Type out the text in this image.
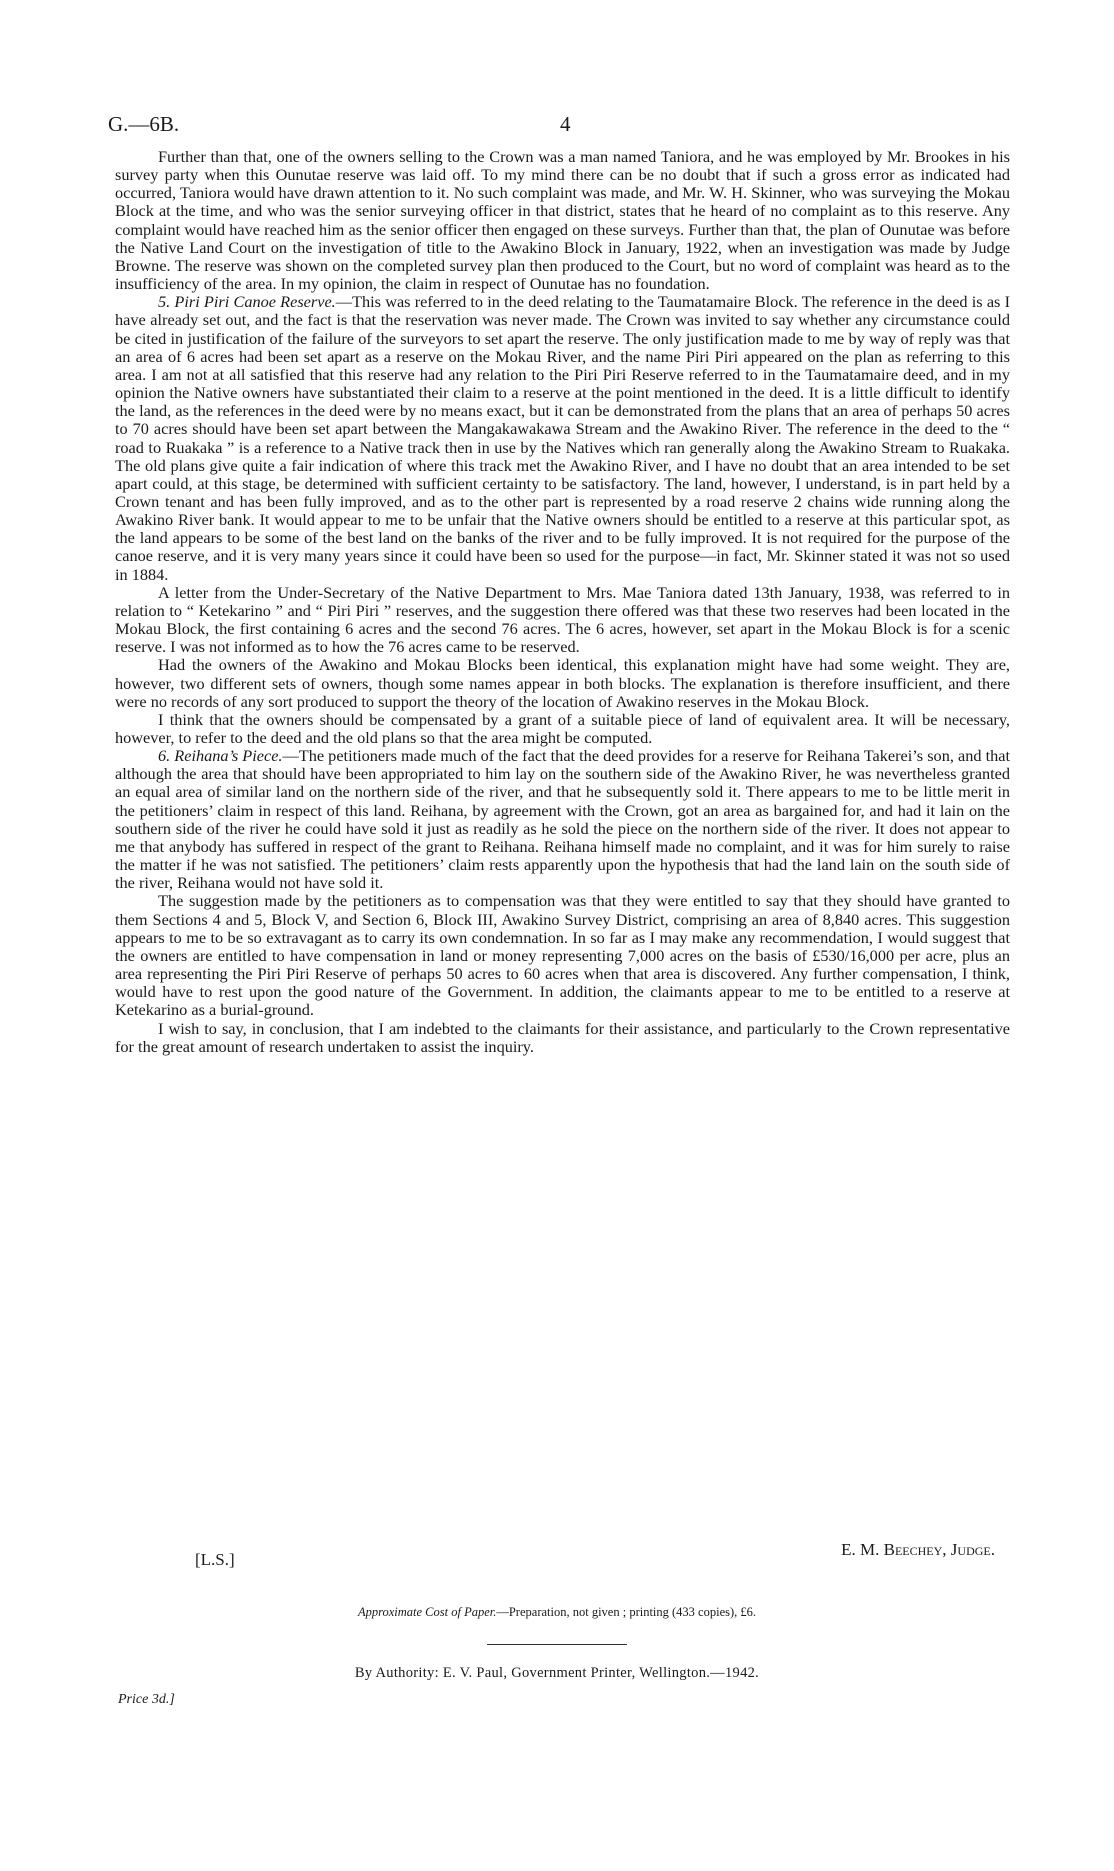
G.—6B.	4

Further than that, one of the owners selling to the Crown was a man named Taniora, and he was employed by Mr. Brookes in his survey party when this Ounutae reserve was laid off. To my mind there can be no doubt that if such a gross error as indicated had occurred, Taniora would have drawn attention to it. No such complaint was made, and Mr. W. H. Skinner, who was surveying the Mokau Block at the time, and who was the senior surveying officer in that district, states that he heard of no complaint as to this reserve. Any complaint would have reached him as the senior officer then engaged on these surveys. Further than that, the plan of Ounutae was before the Native Land Court on the investigation of title to the Awakino Block in January, 1922, when an investigation was made by Judge Browne. The reserve was shown on the completed survey plan then produced to the Court, but no word of complaint was heard as to the insufficiency of the area. In my opinion, the claim in respect of Ounutae has no foundation.

5. Piri Piri Canoe Reserve.—This was referred to in the deed relating to the Taumatamaire Block. The reference in the deed is as I have already set out, and the fact is that the reservation was never made. The Crown was invited to say whether any circumstance could be cited in justification of the failure of the surveyors to set apart the reserve. The only justification made to me by way of reply was that an area of 6 acres had been set apart as a reserve on the Mokau River, and the name Piri Piri appeared on the plan as referring to this area. I am not at all satisfied that this reserve had any relation to the Piri Piri Reserve referred to in the Taumatamaire deed, and in my opinion the Native owners have substantiated their claim to a reserve at the point mentioned in the deed. It is a little difficult to identify the land, as the references in the deed were by no means exact, but it can be demonstrated from the plans that an area of perhaps 50 acres to 70 acres should have been set apart between the Mangakawakawa Stream and the Awakino River. The reference in the deed to the “ road to Ruakaka ” is a reference to a Native track then in use by the Natives which ran generally along the Awakino Stream to Ruakaka. The old plans give quite a fair indication of where this track met the Awakino River, and I have no doubt that an area intended to be set apart could, at this stage, be determined with sufficient certainty to be satisfactory. The land, however, I understand, is in part held by a Crown tenant and has been fully improved, and as to the other part is represented by a road reserve 2 chains wide running along the Awakino River bank. It would appear to me to be unfair that the Native owners should be entitled to a reserve at this particular spot, as the land appears to be some of the best land on the banks of the river and to be fully improved. It is not required for the purpose of the canoe reserve, and it is very many years since it could have been so used for the purpose—in fact, Mr. Skinner stated it was not so used in 1884.

A letter from the Under-Secretary of the Native Department to Mrs. Mae Taniora dated 13th January, 1938, was referred to in relation to “ Ketekarino ” and “ Piri Piri ” reserves, and the suggestion there offered was that these two reserves had been located in the Mokau Block, the first containing 6 acres and the second 76 acres. The 6 acres, however, set apart in the Mokau Block is for a scenic reserve. I was not informed as to how the 76 acres came to be reserved.

Had the owners of the Awakino and Mokau Blocks been identical, this explanation might have had some weight. They are, however, two different sets of owners, though some names appear in both blocks. The explanation is therefore insufficient, and there were no records of any sort produced to support the theory of the location of Awakino reserves in the Mokau Block.

I think that the owners should be compensated by a grant of a suitable piece of land of equivalent area. It will be necessary, however, to refer to the deed and the old plans so that the area might be computed.

6. Reihana’s Piece.—The petitioners made much of the fact that the deed provides for a reserve for Reihana Takerei’s son, and that although the area that should have been appropriated to him lay on the southern side of the Awakino River, he was nevertheless granted an equal area of similar land on the northern side of the river, and that he subsequently sold it. There appears to me to be little merit in the petitioners’ claim in respect of this land. Reihana, by agreement with the Crown, got an area as bargained for, and had it lain on the southern side of the river he could have sold it just as readily as he sold the piece on the northern side of the river. It does not appear to me that anybody has suffered in respect of the grant to Reihana. Reihana himself made no complaint, and it was for him surely to raise the matter if he was not satisfied. The petitioners’ claim rests apparently upon the hypothesis that had the land lain on the south side of the river, Reihana would not have sold it.

The suggestion made by the petitioners as to compensation was that they were entitled to say that they should have granted to them Sections 4 and 5, Block V, and Section 6, Block III, Awakino Survey District, comprising an area of 8,840 acres. This suggestion appears to me to be so extravagant as to carry its own condemnation. In so far as I may make any recommendation, I would suggest that the owners are entitled to have compensation in land or money representing 7,000 acres on the basis of £530/16,000 per acre, plus an area representing the Piri Piri Reserve of perhaps 50 acres to 60 acres when that area is discovered. Any further compensation, I think, would have to rest upon the good nature of the Government. In addition, the claimants appear to me to be entitled to a reserve at Ketekarino as a burial-ground.

I wish to say, in conclusion, that I am indebted to the claimants for their assistance, and particularly to the Crown representative for the great amount of research undertaken to assist the inquiry.

[L.S.]
E. M. Beechey, Judge.
Approximate Cost of Paper.—Preparation, not given ; printing (433 copies), £6.
By Authority: E. V. Paul, Government Printer, Wellington.—1942.
Price 3d.]
